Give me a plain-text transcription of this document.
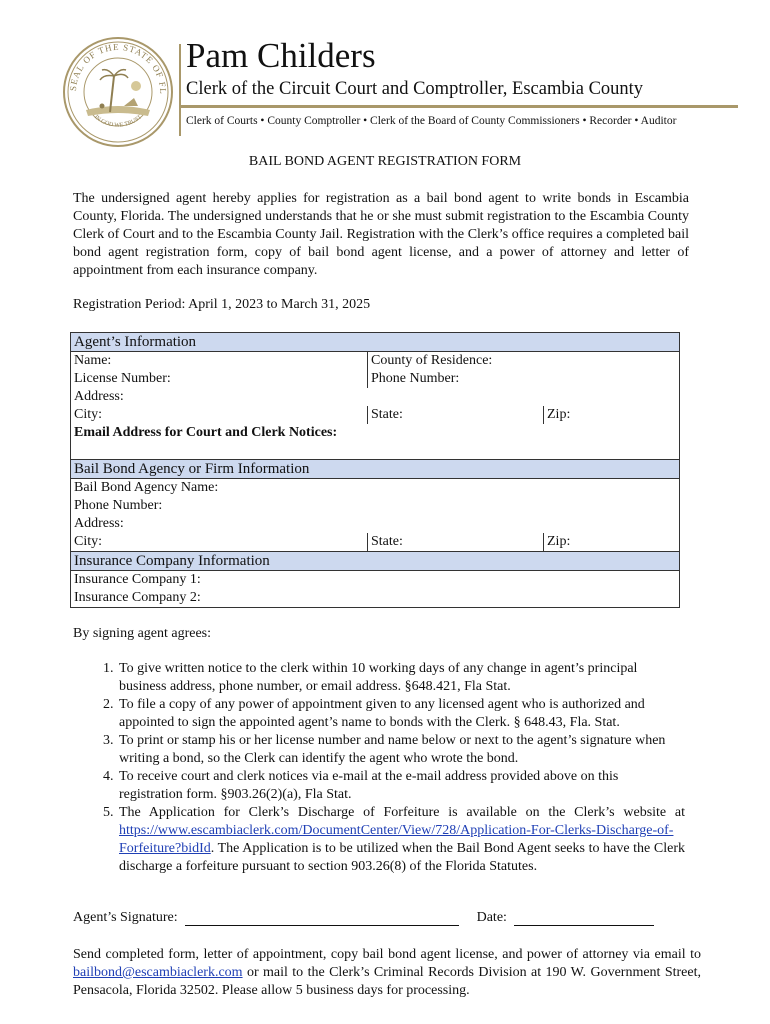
SEAL OF THE STATE OF FL
IN GOD WE TRUST
Pam Childers
Clerk of the Circuit Court and Comptroller, Escambia County
Clerk of Courts • County Comptroller • Clerk of the Board of County Commissioners • Recorder • Auditor
BAIL BOND AGENT REGISTRATION FORM
The undersigned agent hereby applies for registration as a bail bond agent to write bonds in Escambia County, Florida. The undersigned understands that he or she must submit registration to the Escambia County Clerk of Court and to the Escambia County Jail. Registration with the Clerk’s office requires a completed bail bond agent registration form, copy of bail bond agent license, and a power of attorney and letter of appointment from each insurance company.
Registration Period: April 1, 2023 to March 31, 2025
Agent’s Information		
Name:	County of Residence:	
License Number:	Phone Number:	
Address:		
City:	State:	Zip:
Email Address for Court and Clerk Notices:		

Bail Bond Agency or Firm Information		
Bail Bond Agency Name:		
Phone Number:		
Address:		
City:	State:	Zip:
Insurance Company Information		
Insurance Company 1:		
Insurance Company 2:		
By signing agent agrees:
1. To give written notice to the clerk within 10 working days of any change in agent’s principal business address, phone number, or email address. §648.421, Fla Stat.
2. To file a copy of any power of appointment given to any licensed agent who is authorized and appointed to sign the appointed agent’s name to bonds with the Clerk. § 648.43, Fla. Stat.
3. To print or stamp his or her license number and name below or next to the agent’s signature when writing a bond, so the Clerk can identify the agent who wrote the bond.
4. To receive court and clerk notices via e-mail at the e-mail address provided above on this registration form. §903.26(2)(a), Fla Stat.
5. The Application for Clerk’s Discharge of Forfeiture is available on the Clerk’s website at https://www.escambiaclerk.com/DocumentCenter/View/728/Application-For-Clerks-Discharge-of-Forfeiture?bidId. The Application is to be utilized when the Bail Bond Agent seeks to have the Clerk discharge a forfeiture pursuant to section 903.26(8) of the Florida Statutes.
Agent’s Signature:	Date:
Send completed form, letter of appointment, copy bail bond agent license, and power of attorney via email to bailbond@escambiaclerk.com or mail to the Clerk’s Criminal Records Division at 190 W. Government Street, Pensacola, Florida 32502. Please allow 5 business days for processing.
